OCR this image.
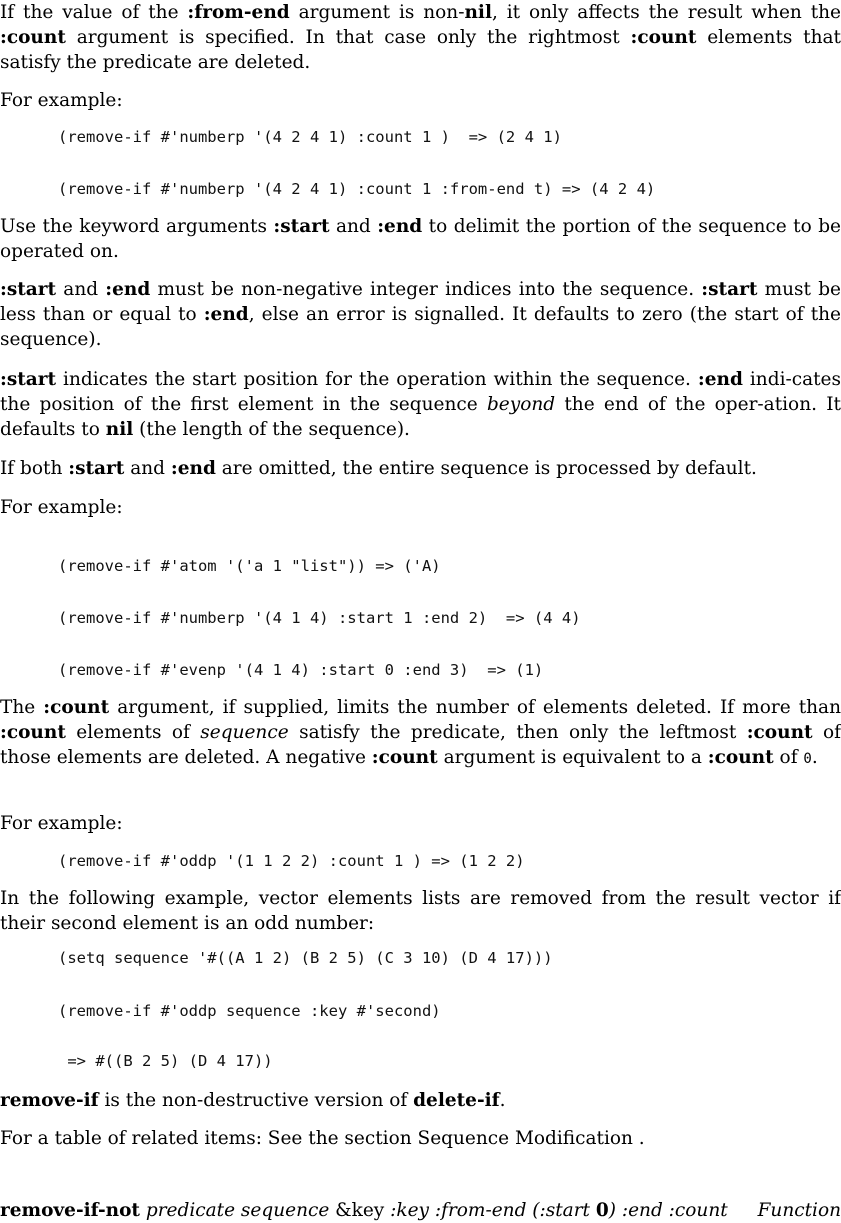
If the value of the :from-end argument is non-nil, it only affects the result when the :count argument is specified. In that case only the rightmost :count elements that satisfy the predicate are deleted.

For example:

(remove-if #'numberp '(4 2 4 1) :count 1 )  => (2 4 1)
(remove-if #'numberp '(4 2 4 1) :count 1 :from-end t) => (4 2 4)

Use the keyword arguments :start and :end to delimit the portion of the sequence to be operated on.

:start and :end must be non-negative integer indices into the sequence. :start must be less than or equal to :end, else an error is signalled. It defaults to zero (the start of the sequence).

:start indicates the start position for the operation within the sequence. :end indi-cates the position of the first element in the sequence beyond the end of the oper-ation. It defaults to nil (the length of the sequence).

If both :start and :end are omitted, the entire sequence is processed by default.

For example:

(remove-if #'atom '('a 1 "list")) => ('A)
(remove-if #'numberp '(4 1 4) :start 1 :end 2)  => (4 4)
(remove-if #'evenp '(4 1 4) :start 0 :end 3)  => (1)

The :count argument, if supplied, limits the number of elements deleted. If more than :count elements of sequence satisfy the predicate, then only the leftmost :count of those elements are deleted. A negative :count argument is equivalent to a :count of 0.

For example:

(remove-if #'oddp '(1 1 2 2) :count 1 ) => (1 2 2)

In the following example, vector elements lists are removed from the result vector if their second element is an odd number:

(setq sequence '#((A 1 2) (B 2 5) (C 3 10) (D 4 17)))
(remove-if #'oddp sequence :key #'second)
=> #((B 2 5) (D 4 17))

remove-if is the non-destructive version of delete-if.

For a table of related items: See the section Sequence Modification .

remove-if-not predicate sequence &key :key :from-end (:start 0) :end :count Function
